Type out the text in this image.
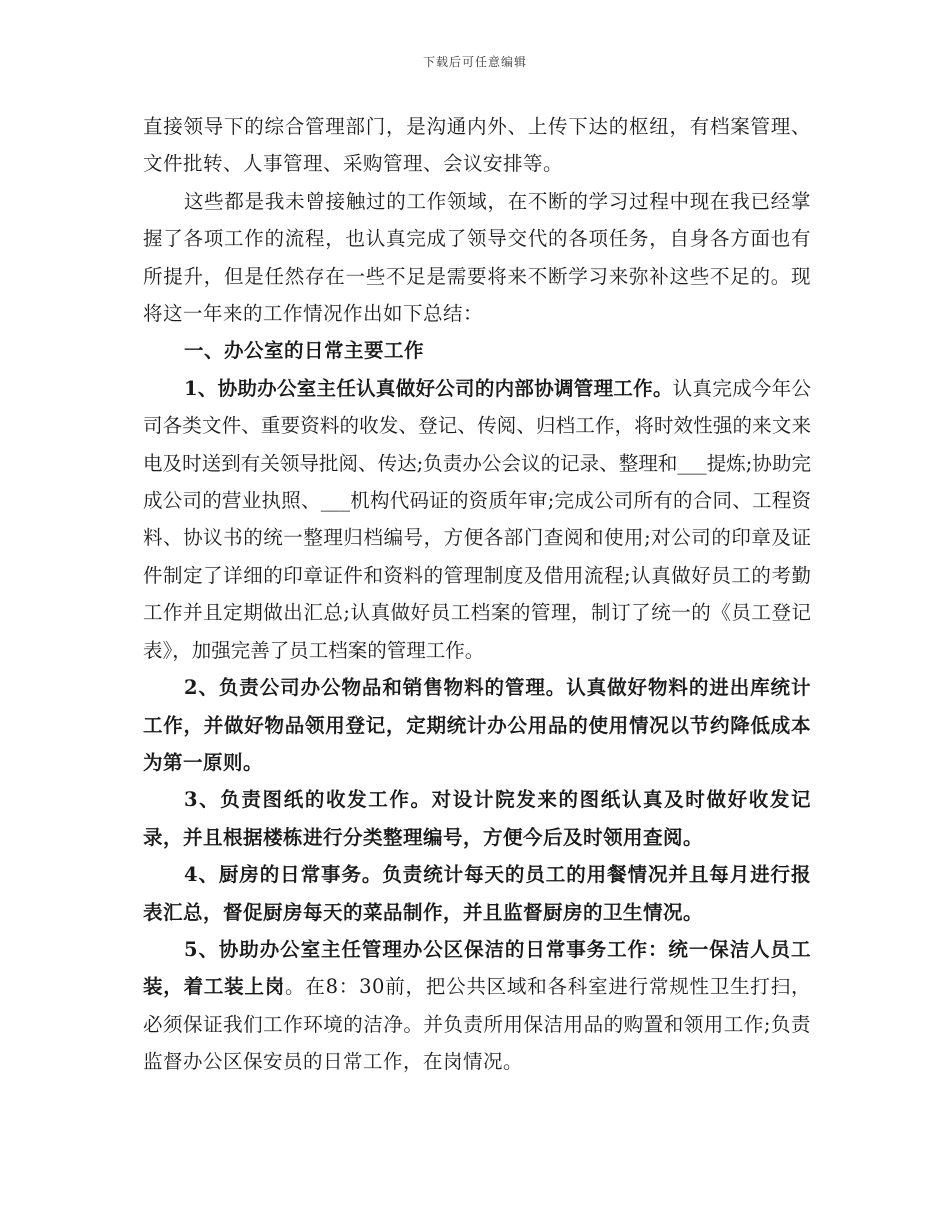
下载后可任意编辑

直接领导下的综合管理部门，是沟通内外、上传下达的枢纽，有档案管理、文件批转、人事管理、采购管理、会议安排等。

这些都是我未曾接触过的工作领域，在不断的学习过程中现在我已经掌握了各项工作的流程，也认真完成了领导交代的各项任务，自身各方面也有所提升，但是任然存在一些不足是需要将来不断学习来弥补这些不足的。现将这一年来的工作情况作出如下总结：

一、办公室的日常主要工作

1、协助办公室主任认真做好公司的内部协调管理工作。认真完成今年公司各类文件、重要资料的收发、登记、传阅、归档工作，将时效性强的来文来电及时送到有关领导批阅、传达;负责办公会议的记录、整理和___提炼;协助完成公司的营业执照、___机构代码证的资质年审;完成公司所有的合同、工程资料、协议书的统一整理归档编号，方便各部门查阅和使用;对公司的印章及证件制定了详细的印章证件和资料的管理制度及借用流程;认真做好员工的考勤工作并且定期做出汇总;认真做好员工档案的管理，制订了统一的《员工登记表》，加强完善了员工档案的管理工作。

2、负责公司办公物品和销售物料的管理。认真做好物料的进出库统计工作，并做好物品领用登记，定期统计办公用品的使用情况以节约降低成本为第一原则。

3、负责图纸的收发工作。对设计院发来的图纸认真及时做好收发记录，并且根据楼栋进行分类整理编号，方便今后及时领用查阅。

4、厨房的日常事务。负责统计每天的员工的用餐情况并且每月进行报表汇总，督促厨房每天的菜品制作，并且监督厨房的卫生情况。

5、协助办公室主任管理办公区保洁的日常事务工作：统一保洁人员工装，着工装上岗。在8：30前，把公共区域和各科室进行常规性卫生打扫，必须保证我们工作环境的洁净。并负责所用保洁用品的购置和领用工作;负责监督办公区保安员的日常工作，在岗情况。
